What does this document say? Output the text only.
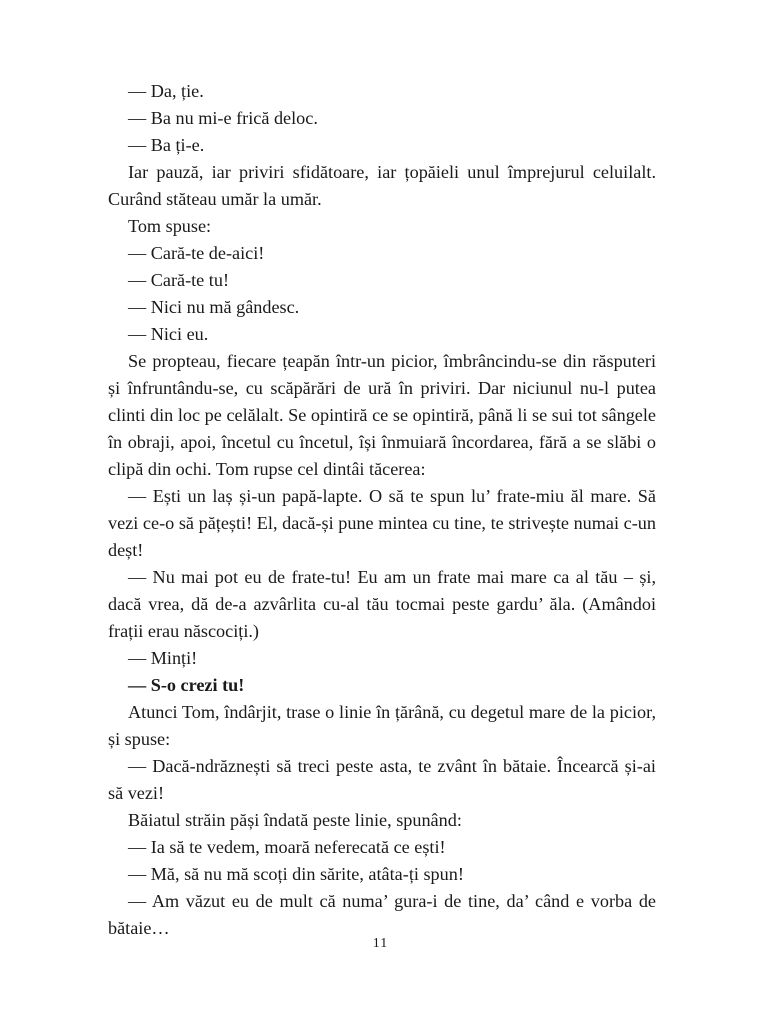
— Da, ție.

— Ba nu mi-e frică deloc.

— Ba ți-e.

Iar pauză, iar priviri sfidătoare, iar țopăieli unul împrejurul celuilalt. Curând stăteau umăr la umăr.

Tom spuse:

— Cară-te de-aici!

— Cară-te tu!

— Nici nu mă gândesc.

— Nici eu.

Se propteau, fiecare țeapăn într-un picior, îmbrâncindu-se din răsputeri și înfruntându-se, cu scăpărări de ură în priviri. Dar niciunul nu-l putea clinti din loc pe celălalt. Se opintiră ce se opintiră, până li se sui tot sângele în obraji, apoi, încetul cu încetul, își înmuiară încordarea, fără a se slăbi o clipă din ochi. Tom rupse cel dintâi tăcerea:

— Ești un laș și-un papă-lapte. O să te spun lu’ frate-miu ăl mare. Să vezi ce-o să pățești! El, dacă-și pune mintea cu tine, te strivește numai c-un deșt!

— Nu mai pot eu de frate-tu! Eu am un frate mai mare ca al tău – și, dacă vrea, dă de-a azvârlita cu-al tău tocmai peste gardu’ ăla. (Amândoi frații erau născociți.)

— Minți!

— S-o crezi tu!

Atunci Tom, îndârjit, trase o linie în țărână, cu degetul mare de la picior, și spuse:

— Dacă-ndrăznești să treci peste asta, te zvânt în bătaie. Încearcă și-ai să vezi!

Băiatul străin păși îndată peste linie, spunând:

— Ia să te vedem, moară neferecată ce ești!

— Mă, să nu mă scoți din sărite, atâta-ți spun!

— Am văzut eu de mult că numa’ gura-i de tine, da’ când e vorba de bătaie…

11
